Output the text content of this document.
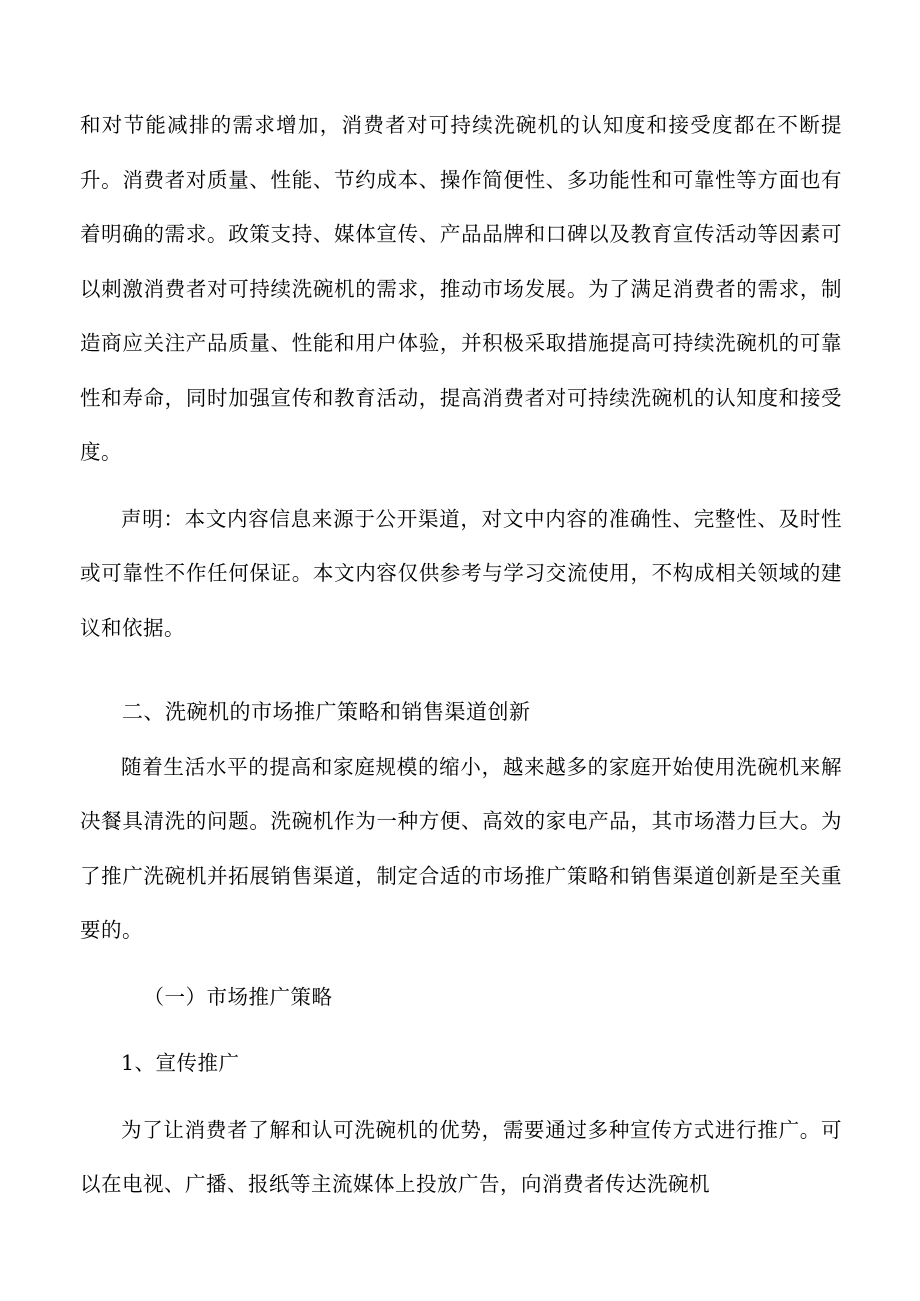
和对节能减排的需求增加，消费者对可持续洗碗机的认知度和接受度都在不断提升。消费者对质量、性能、节约成本、操作简便性、多功能性和可靠性等方面也有着明确的需求。政策支持、媒体宣传、产品品牌和口碑以及教育宣传活动等因素可以刺激消费者对可持续洗碗机的需求，推动市场发展。为了满足消费者的需求，制造商应关注产品质量、性能和用户体验，并积极采取措施提高可持续洗碗机的可靠性和寿命，同时加强宣传和教育活动，提高消费者对可持续洗碗机的认知度和接受度。

声明：本文内容信息来源于公开渠道，对文中内容的准确性、完整性、及时性或可靠性不作任何保证。本文内容仅供参考与学习交流使用，不构成相关领域的建议和依据。

二、洗碗机的市场推广策略和销售渠道创新

随着生活水平的提高和家庭规模的缩小，越来越多的家庭开始使用洗碗机来解决餐具清洗的问题。洗碗机作为一种方便、高效的家电产品，其市场潜力巨大。为了推广洗碗机并拓展销售渠道，制定合适的市场推广策略和销售渠道创新是至关重要的。

（一）市场推广策略

1、宣传推广

为了让消费者了解和认可洗碗机的优势，需要通过多种宣传方式进行推广。可以在电视、广播、报纸等主流媒体上投放广告，向消费者传达洗碗机
